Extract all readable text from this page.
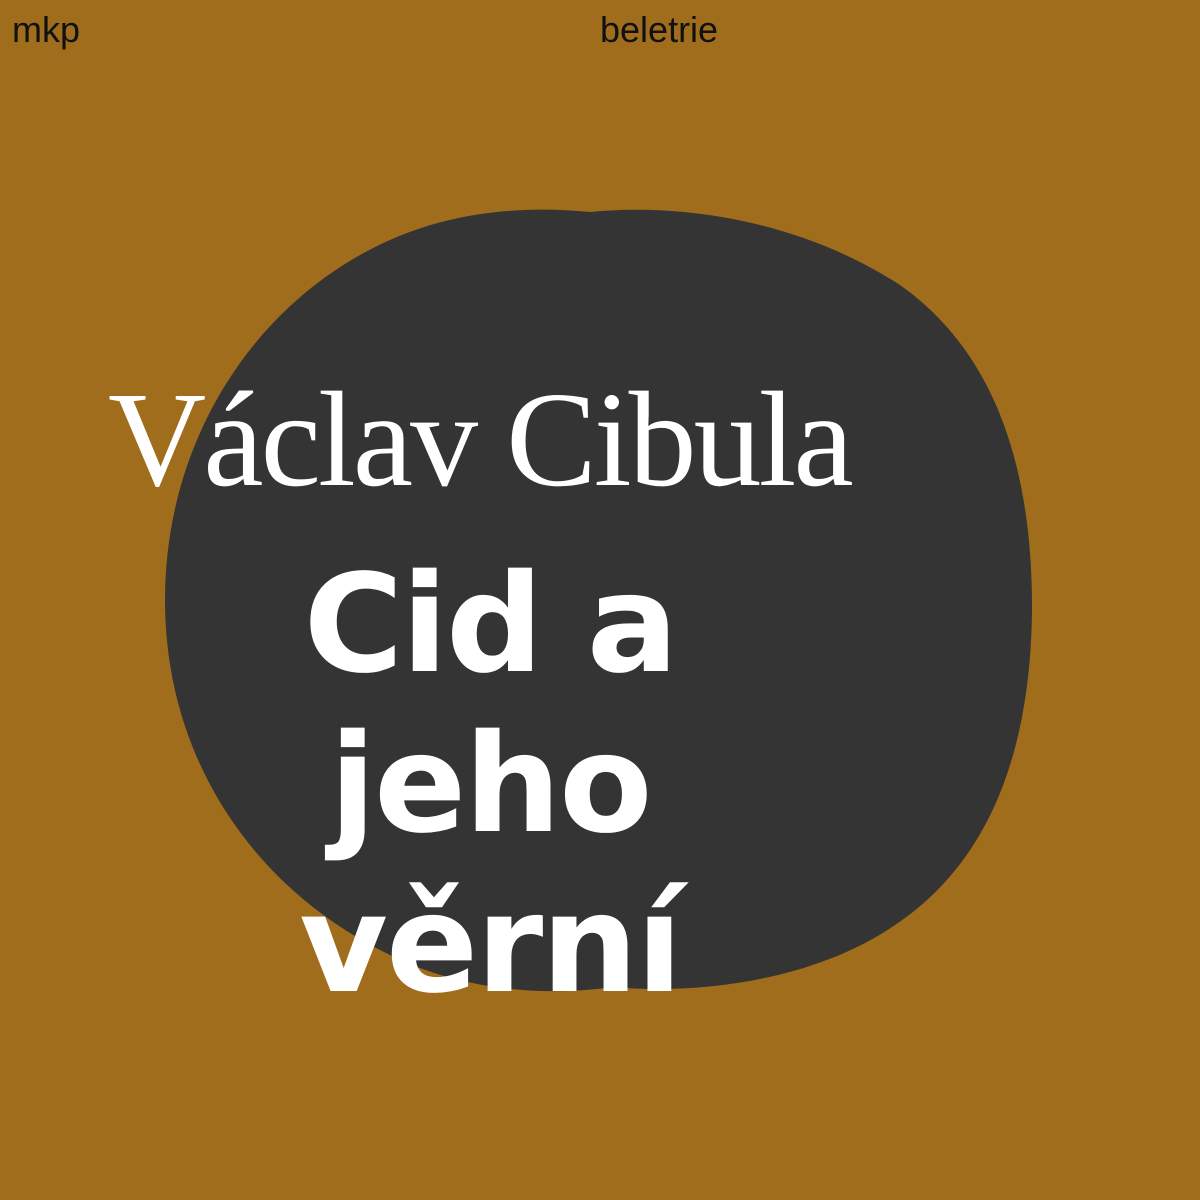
mkp	beletrie
Václav Cibula
Cid a jeho věrní
